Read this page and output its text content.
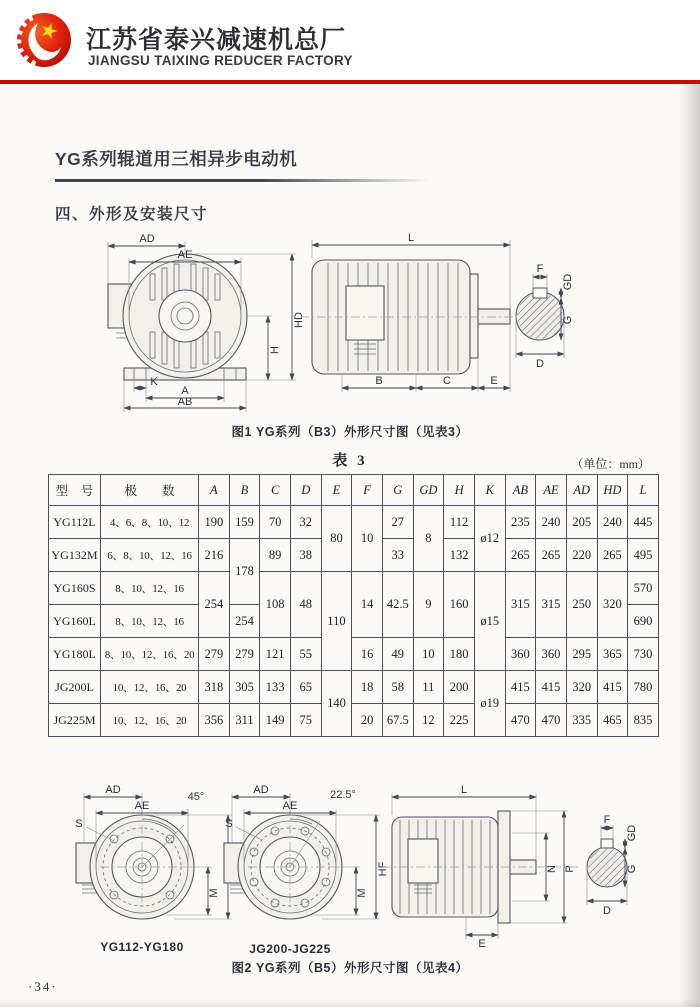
江苏省泰兴减速机总厂
JIANGSU TAIXING REDUCER FACTORY
YG系列辊道用三相异步电动机
四、外形及安装尺寸
AD
AE
HD
H
K
A
AB
L
B	C	E
F
GD
G
D
图1 YG系列（B3）外形尺寸图（见表3）
表 3	（单位：mm）
型　号	极　　数	A	B	C	D	E	F	G	GD	H	K	AB	AE	AD	HD	L
YG112L	4、6、8、10、12	190	159	70	32	80	10	27	8	112	ø12	235	240	205	240	445
YG132M	6、8、10、12、16	216	178	89	38			33		132		265	265	220	265	495
YG160S	8、10、12、16	254		108	48	110	14	42.5	9	160	ø15	315	315	250	320	570
YG160L	8、10、12、16		254													690
YG180L	8、10、12、16、20	279	279	121	55		16	49	10	180		360	360	295	365	730
JG200L	10、12、16、20	318	305	133	65	140	18	58	11	200	ø19	415	415	320	415	780
JG225M	10、12、16、20	356	311	149	75		20	67.5	12	225		470	470	335	465	835
AD
45°
AE
S
M
YG112-YG180
AD	22.5°
AE
S
M
HF
JG200-JG225
L
N P
E
F
GD
G
D
图2 YG系列（B5）外形尺寸图（见表4）
·34·
